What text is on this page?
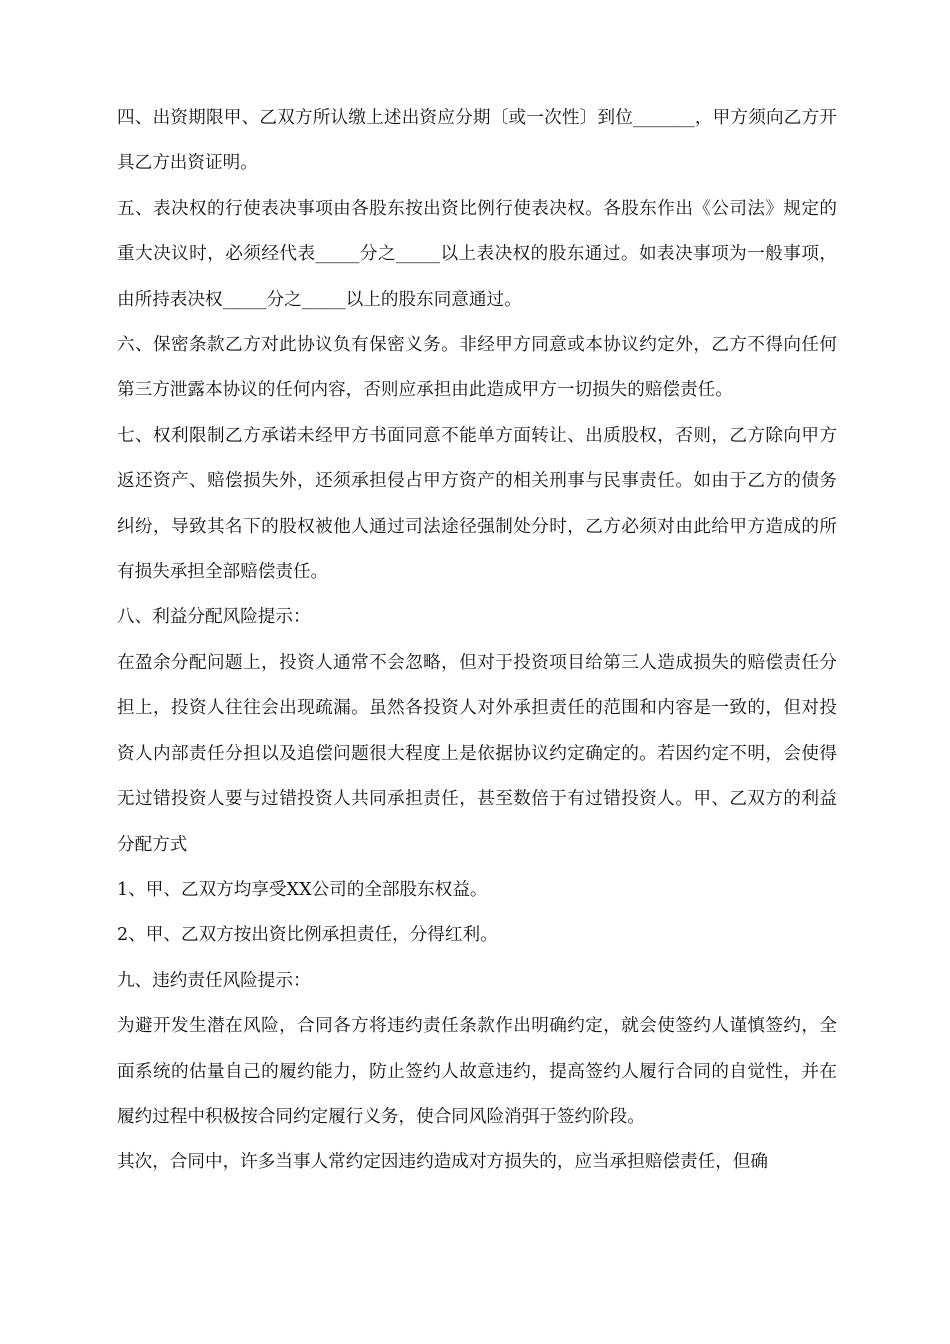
四、出资期限甲、乙双方所认缴上述出资应分期〔或一次性〕到位_______，甲方须向乙方开具乙方出资证明。

五、表决权的行使表决事项由各股东按出资比例行使表决权。各股东作出《公司法》规定的重大决议时，必须经代表_____分之_____以上表决权的股东通过。如表决事项为一般事项，由所持表决权_____分之_____以上的股东同意通过。

六、保密条款乙方对此协议负有保密义务。非经甲方同意或本协议约定外，乙方不得向任何第三方泄露本协议的任何内容，否则应承担由此造成甲方一切损失的赔偿责任。

七、权利限制乙方承诺未经甲方书面同意不能单方面转让、出质股权，否则，乙方除向甲方返还资产、赔偿损失外，还须承担侵占甲方资产的相关刑事与民事责任。如由于乙方的债务纠纷，导致其名下的股权被他人通过司法途径强制处分时，乙方必须对由此给甲方造成的所有损失承担全部赔偿责任。

八、利益分配风险提示：

在盈余分配问题上，投资人通常不会忽略，但对于投资项目给第三人造成损失的赔偿责任分担上，投资人往往会出现疏漏。虽然各投资人对外承担责任的范围和内容是一致的，但对投资人内部责任分担以及追偿问题很大程度上是依据协议约定确定的。若因约定不明，会使得无过错投资人要与过错投资人共同承担责任，甚至数倍于有过错投资人。甲、乙双方的利益分配方式

1、甲、乙双方均享受XX公司的全部股东权益。

2、甲、乙双方按出资比例承担责任，分得红利。

九、违约责任风险提示：

为避开发生潜在风险，合同各方将违约责任条款作出明确约定，就会使签约人谨慎签约，全面系统的估量自己的履约能力，防止签约人故意违约，提高签约人履行合同的自觉性，并在履约过程中积极按合同约定履行义务，使合同风险消弭于签约阶段。

其次，合同中，许多当事人常约定因违约造成对方损失的，应当承担赔偿责任，但确
